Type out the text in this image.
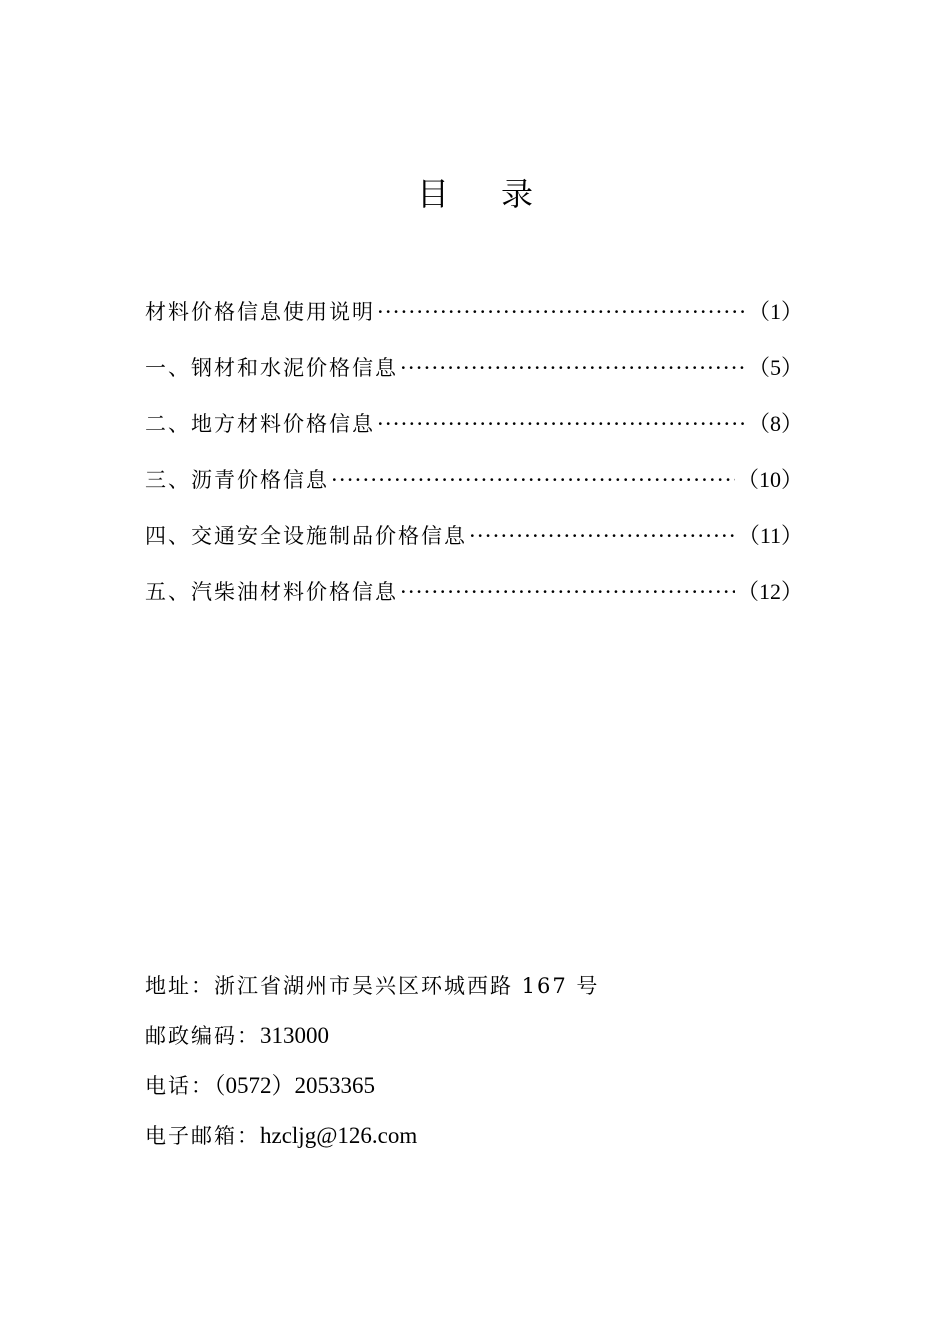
目 录
材料价格信息使用说明 ·····	（1）
一、钢材和水泥价格信息 ·····	（5）
二、地方材料价格信息 ·····	（8）
三、沥青价格信息 ·····	（10）
四、交通安全设施制品价格信息 ·····	（11）
五、汽柴油材料价格信息 ·····	（12）
地址：浙江省湖州市吴兴区环城西路 167 号
邮政编码：313000
电话：（0572）2053365
电子邮箱：hzcljg@126.com
